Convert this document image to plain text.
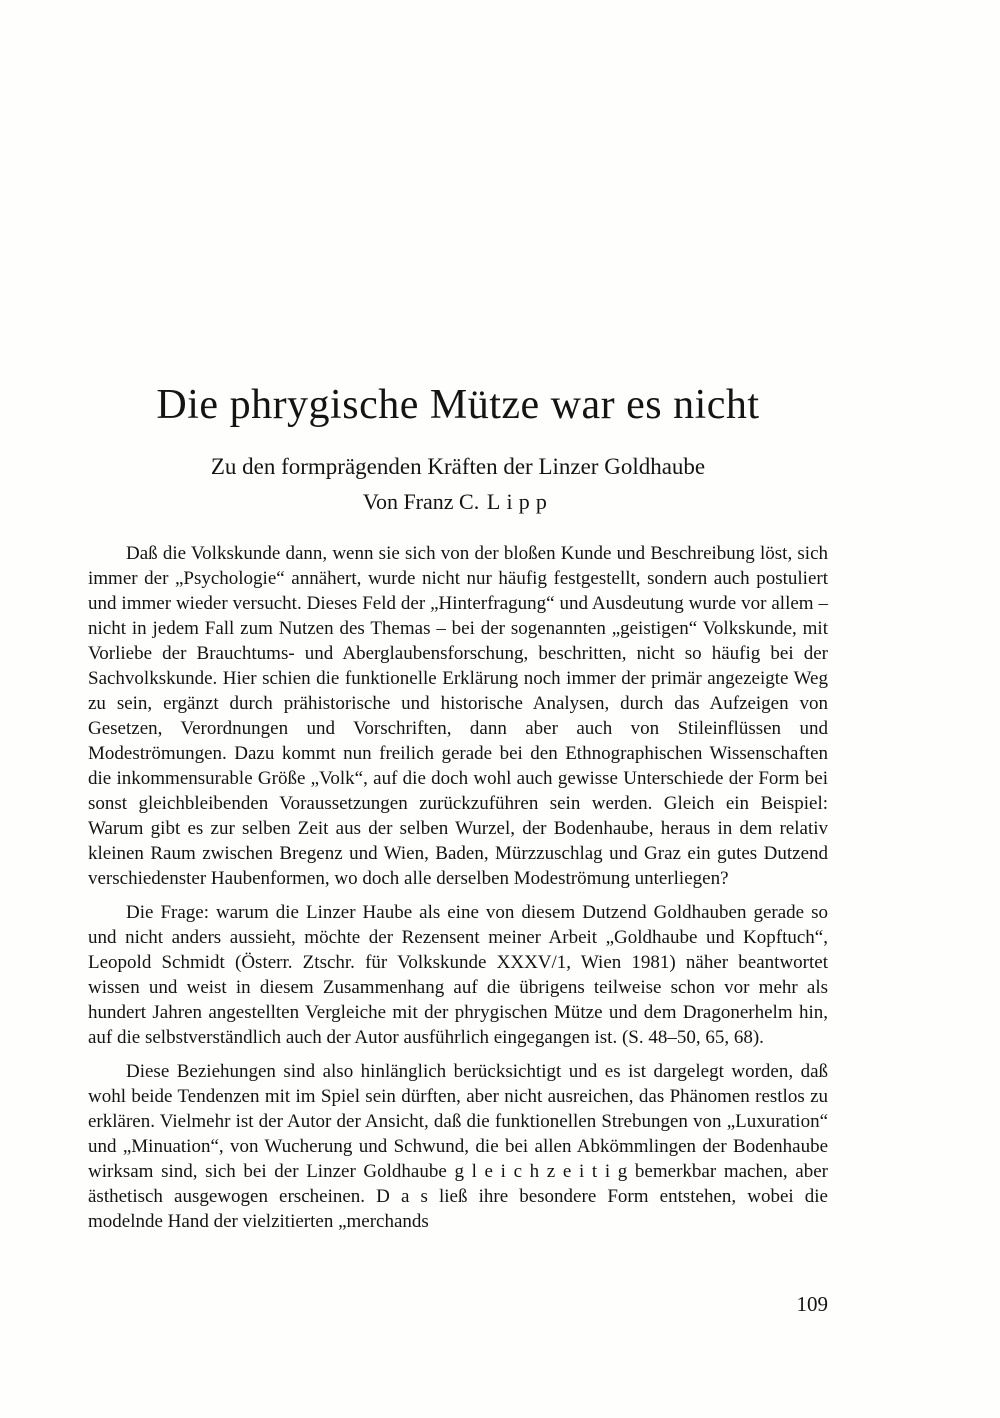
Die phrygische Mütze war es nicht
Zu den formprägenden Kräften der Linzer Goldhaube
Von Franz C. Lipp

Daß die Volkskunde dann, wenn sie sich von der bloßen Kunde und Beschreibung löst, sich immer der „Psychologie“ annähert, wurde nicht nur häufig festgestellt, sondern auch postuliert und immer wieder versucht. Dieses Feld der „Hinterfragung“ und Ausdeutung wurde vor allem – nicht in jedem Fall zum Nutzen des Themas – bei der sogenannten „geistigen“ Volkskunde, mit Vorliebe der Brauchtums- und Aberglaubensforschung, beschritten, nicht so häufig bei der Sachvolkskunde. Hier schien die funktionelle Erklärung noch immer der primär angezeigte Weg zu sein, ergänzt durch prähistorische und historische Analysen, durch das Aufzeigen von Gesetzen, Verordnungen und Vorschriften, dann aber auch von Stileinflüssen und Modeströmungen. Dazu kommt nun freilich gerade bei den Ethnographischen Wissenschaften die inkommensurable Größe „Volk“, auf die doch wohl auch gewisse Unterschiede der Form bei sonst gleichbleibenden Voraussetzungen zurückzuführen sein werden. Gleich ein Beispiel: Warum gibt es zur selben Zeit aus der selben Wurzel, der Bodenhaube, heraus in dem relativ kleinen Raum zwischen Bregenz und Wien, Baden, Mürzzuschlag und Graz ein gutes Dutzend verschiedenster Haubenformen, wo doch alle derselben Modeströmung unterliegen?

Die Frage: warum die Linzer Haube als eine von diesem Dutzend Goldhauben gerade so und nicht anders aussieht, möchte der Rezensent meiner Arbeit „Goldhaube und Kopftuch“, Leopold Schmidt (Österr. Ztschr. für Volkskunde XXXV/1, Wien 1981) näher beantwortet wissen und weist in diesem Zusammenhang auf die übrigens teilweise schon vor mehr als hundert Jahren angestellten Vergleiche mit der phrygischen Mütze und dem Dragonerhelm hin, auf die selbstverständlich auch der Autor ausführlich eingegangen ist. (S. 48–50, 65, 68).

Diese Beziehungen sind also hinlänglich berücksichtigt und es ist dargelegt worden, daß wohl beide Tendenzen mit im Spiel sein dürften, aber nicht ausreichen, das Phänomen restlos zu erklären. Vielmehr ist der Autor der Ansicht, daß die funktionellen Strebungen von „Luxuration“ und „Minuation“, von Wucherung und Schwund, die bei allen Abkömmlingen der Bodenhaube wirksam sind, sich bei der Linzer Goldhaube g l e i c h z e i t i g bemerkbar machen, aber ästhetisch ausgewogen erscheinen. D a s ließ ihre besondere Form entstehen, wobei die modelnde Hand der vielzitierten „merchands

109
